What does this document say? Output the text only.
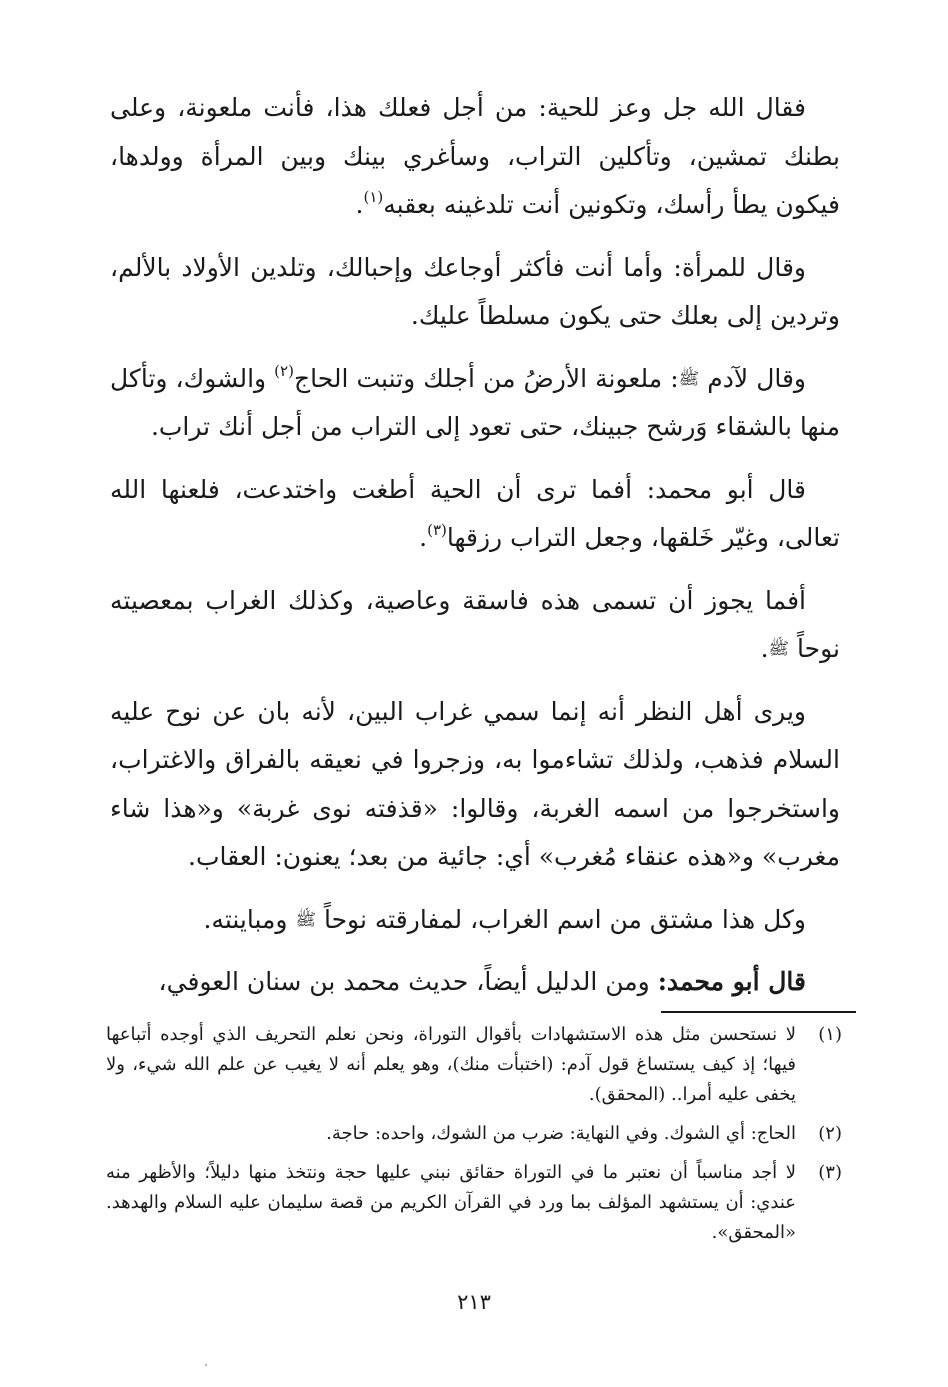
فقال الله جل وعز للحية: من أجل فعلك هذا، فأنت ملعونة، وعلى بطنك تمشين، وتأكلين التراب، وسأغري بينك وبين المرأة وولدها، فيكون يطأ رأسك، وتكونين أنت تلدغينه بعقبه$^{(١)}$.

وقال للمرأة: وأما أنت فأكثر أوجاعك وإحبالك، وتلدين الأولاد بالألم، وتردين إلى بعلك حتى يكون مسلطاً عليك.

وقال لآدم ﷺ: ملعونة الأرضُ من أجلك وتنبت الحاج$^{(٢)}$ والشوك، وتأكل منها بالشقاء وَرشح جبينك، حتى تعود إلى التراب من أجل أنك تراب.

قال أبو محمد: أفما ترى أن الحية أطغت واختدعت، فلعنها الله تعالى، وغيّر خَلقها، وجعل التراب رزقها$^{(٣)}$.

أفما يجوز أن تسمى هذه فاسقة وعاصية، وكذلك الغراب بمعصيته نوحاً ﷺ.

ويرى أهل النظر أنه إنما سمي غراب البين، لأنه بان عن نوح عليه السلام فذهب، ولذلك تشاءموا به، وزجروا في نعيقه بالفراق والاغتراب، واستخرجوا من اسمه الغربة، وقالوا: «قذفته نوى غربة» و«هذا شاء مغرب» و«هذه عنقاء مُغرب» أي: جائية من بعد؛ يعنون: العقاب.

وكل هذا مشتق من اسم الغراب، لمفارقته نوحاً ﷺ ومباينته.

قال أبو محمد: ومن الدليل أيضاً، حديث محمد بن سنان العوفي،

(١)
لا نستحسن مثل هذه الاستشهادات بأقوال التوراة، ونحن نعلم التحريف الذي أوجده أتباعها فيها؛ إذ كيف يستساغ قول آدم: (اختبأت منك)، وهو يعلم أنه لا يغيب عن علم الله شيء، ولا يخفى عليه أمرا.. (المحقق).
(٢)
الحاج: أي الشوك. وفي النهاية: ضرب من الشوك، واحده: حاجة.
(٣)
لا أجد مناسباً أن نعتبر ما في التوراة حقائق نبني عليها حجة ونتخذ منها دليلاً؛ والأظهر منه عندي: أن يستشهد المؤلف بما ورد في القرآن الكريم من قصة سليمان عليه السلام والهدهد. «المحقق».
٢١٣
